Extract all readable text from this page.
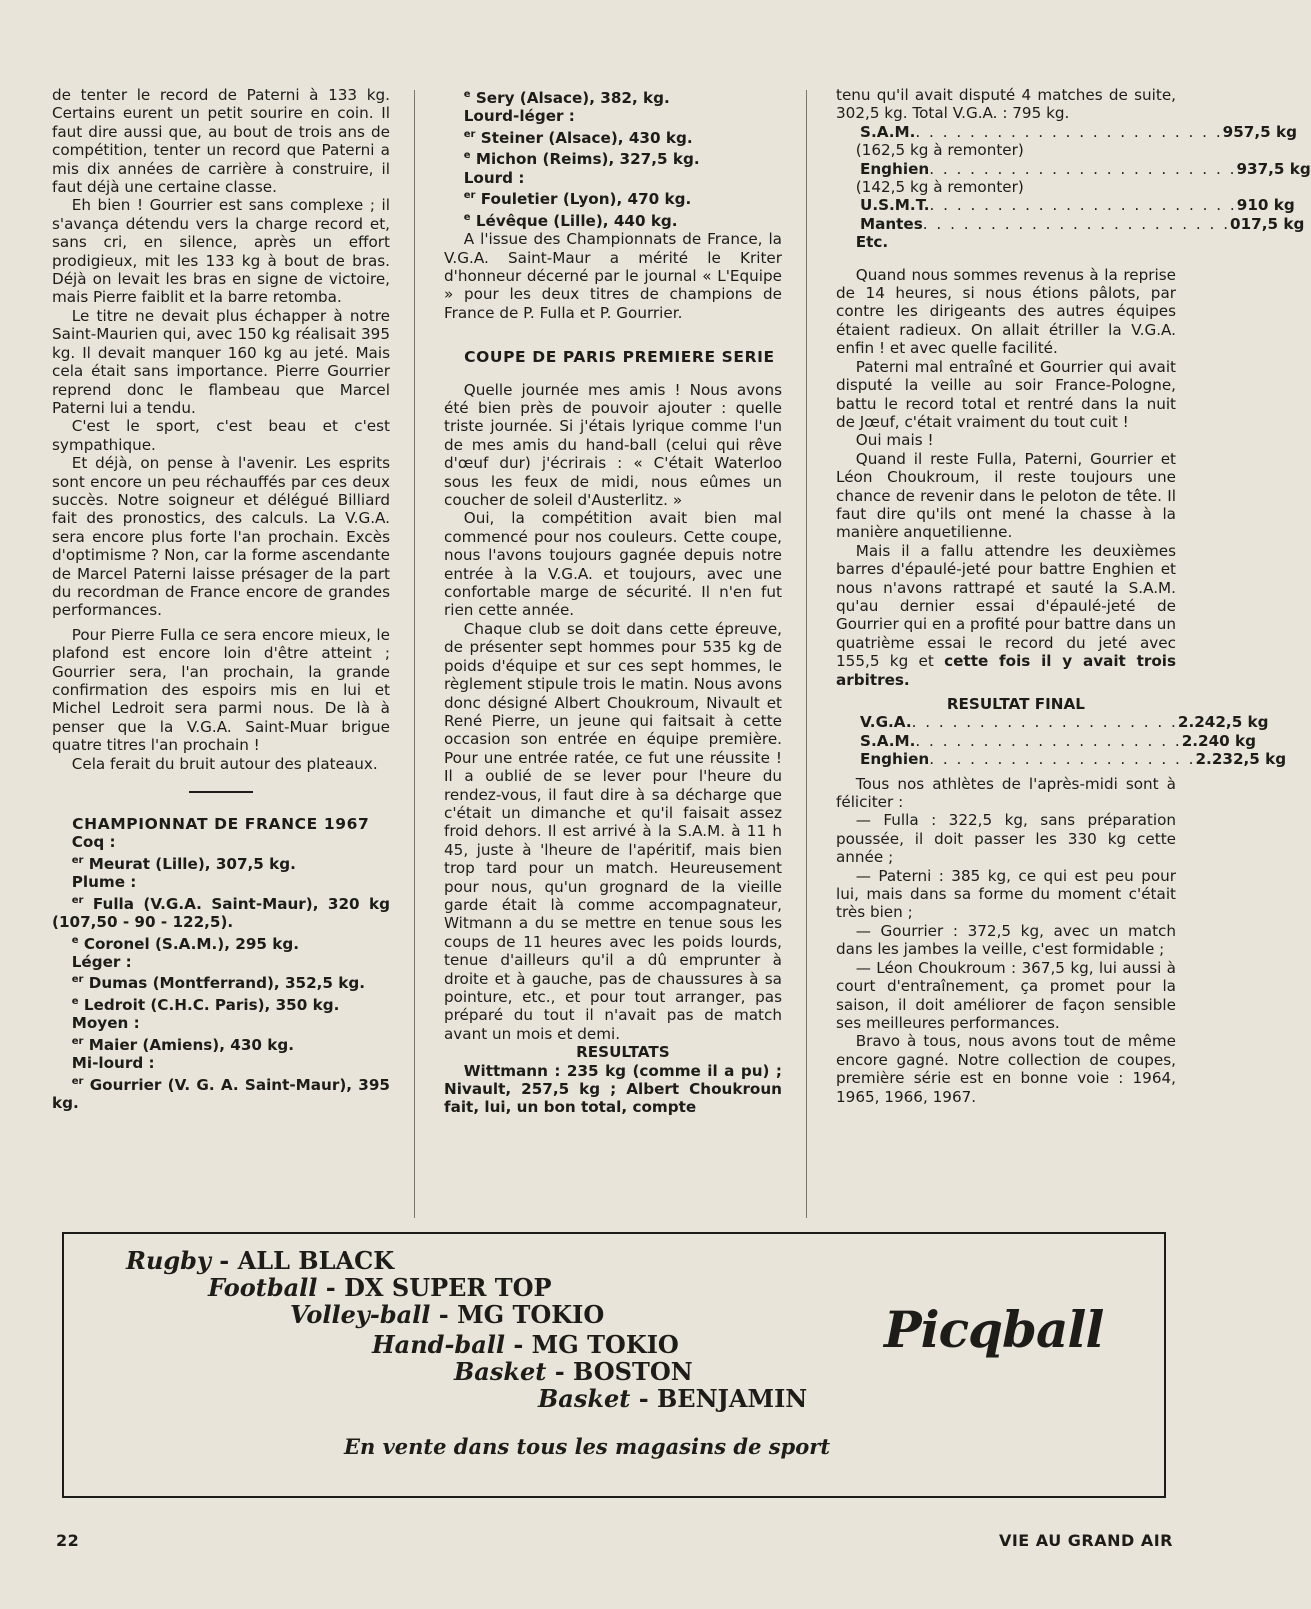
de tenter le record de Paterni à 133 kg. Certains eurent un petit sourire en coin. Il faut dire aussi que, au bout de trois ans de compétition, tenter un record que Paterni a mis dix années de carrière à construire, il faut déjà une certaine classe.

Eh bien ! Gourrier est sans complexe ; il s'avança détendu vers la charge record et, sans cri, en silence, après un effort prodigieux, mit les 133 kg à bout de bras. Déjà on levait les bras en signe de victoire, mais Pierre faiblit et la barre retomba.

Le titre ne devait plus échapper à notre Saint-Maurien qui, avec 150 kg réalisait 395 kg. Il devait manquer 160 kg au jeté. Mais cela était sans importance. Pierre Gourrier reprend donc le flambeau que Marcel Paterni lui a tendu.

C'est le sport, c'est beau et c'est sympathique.

Et déjà, on pense à l'avenir. Les esprits sont encore un peu réchauffés par ces deux succès. Notre soigneur et délégué Billiard fait des pronostics, des calculs. La V.G.A. sera encore plus forte l'an prochain. Excès d'optimisme ? Non, car la forme ascendante de Marcel Paterni laisse présager de la part du recordman de France encore de grandes performances.

Pour Pierre Fulla ce sera encore mieux, le plafond est encore loin d'être atteint ; Gourrier sera, l'an prochain, la grande confirmation des espoirs mis en lui et Michel Ledroit sera parmi nous. De là à penser que la V.G.A. Saint-Muar brigue quatre titres l'an prochain !

Cela ferait du bruit autour des plateaux.

CHAMPIONNAT DE FRANCE 1967

Coq :

$^{er}$ Meurat (Lille), 307,5 kg.

Plume :

$^{er}$ Fulla (V.G.A. Saint-Maur), 320 kg (107,50 - 90 - 122,5).

$^e$ Coronel (S.A.M.), 295 kg.

Léger :

$^{er}$ Dumas (Montferrand), 352,5 kg.

$^e$ Ledroit (C.H.C. Paris), 350 kg.

Moyen :

$^{er}$ Maier (Amiens), 430 kg.

Mi-lourd :

$^{er}$ Gourrier (V. G. A. Saint-Maur), 395 kg.

$^e$ Sery (Alsace), 382, kg.

Lourd-léger :

$^{er}$ Steiner (Alsace), 430 kg.

$^e$ Michon (Reims), 327,5 kg.

Lourd :

$^{er}$ Fouletier (Lyon), 470 kg.

$^e$ Lévêque (Lille), 440 kg.

A l'issue des Championnats de France, la V.G.A. Saint-Maur a mérité le Kriter d'honneur décerné par le journal « L'Equipe » pour les deux titres de champions de France de P. Fulla et P. Gourrier.

COUPE DE PARIS PREMIERE SERIE

Quelle journée mes amis ! Nous avons été bien près de pouvoir ajouter : quelle triste journée. Si j'étais lyrique comme l'un de mes amis du hand-ball (celui qui rêve d'œuf dur) j'écrirais : « C'était Waterloo sous les feux de midi, nous eûmes un coucher de soleil d'Austerlitz. »

Oui, la compétition avait bien mal commencé pour nos couleurs. Cette coupe, nous l'avons toujours gagnée depuis notre entrée à la V.G.A. et toujours, avec une confortable marge de sécurité. Il n'en fut rien cette année.

Chaque club se doit dans cette épreuve, de présenter sept hommes pour 535 kg de poids d'équipe et sur ces sept hommes, le règlement stipule trois le matin. Nous avons donc désigné Albert Choukroum, Nivault et René Pierre, un jeune qui faitsait à cette occasion son entrée en équipe première. Pour une entrée ratée, ce fut une réussite ! Il a oublié de se lever pour l'heure du rendez-vous, il faut dire à sa décharge que c'était un dimanche et qu'il faisait assez froid dehors. Il est arrivé à la S.A.M. à 11 h 45, juste à 'lheure de l'apéritif, mais bien trop tard pour un match. Heureusement pour nous, qu'un grognard de la vieille garde était là comme accompagnateur, Witmann a du se mettre en tenue sous les coups de 11 heures avec les poids lourds, tenue d'ailleurs qu'il a dû emprunter à droite et à gauche, pas de chaussures à sa pointure, etc., et pour tout arranger, pas préparé du tout il n'avait pas de match avant un mois et demi.

RESULTATS

Wittmann : 235 kg (comme il a pu) ; Nivault, 257,5 kg ; Albert Choukroun fait, lui, un bon total, compte

tenu qu'il avait disputé 4 matches de suite, 302,5 kg. Total V.G.A. : 795 kg.

S.A.M. . . . . . . . . . . . . . . . . . . . . . . . 957,5 kg

(162,5 kg à remonter)

Enghien . . . . . . . . . . . . . . . . . . . . . . . 937,5 kg

(142,5 kg à remonter)

U.S.M.T. . . . . . . . . . . . . . . . . . . . . . . . 910 kg
Mantes . . . . . . . . . . . . . . . . . . . . . . . 017,5 kg

Etc.

Quand nous sommes revenus à la reprise de 14 heures, si nous étions pâlots, par contre les dirigeants des autres équipes étaient radieux. On allait étriller la V.G.A. enfin ! et avec quelle facilité.

Paterni mal entraîné et Gourrier qui avait disputé la veille au soir France-Pologne, battu le record total et rentré dans la nuit de Jœuf, c'était vraiment du tout cuit !

Oui mais !

Quand il reste Fulla, Paterni, Gourrier et Léon Choukroum, il reste toujours une chance de revenir dans le peloton de tête. Il faut dire qu'ils ont mené la chasse à la manière anquetilienne.

Mais il a fallu attendre les deuxièmes barres d'épaulé-jeté pour battre Enghien et nous n'avons rattrapé et sauté la S.A.M. qu'au dernier essai d'épaulé-jeté de Gourrier qui en a profité pour battre dans un quatrième essai le record du jeté avec 155,5 kg et cette fois il y avait trois arbitres.

RESULTAT FINAL

V.G.A. . . . . . . . . . . . . . . . . . . . . 2.242,5 kg
S.A.M. . . . . . . . . . . . . . . . . . . . . 2.240 kg
Enghien . . . . . . . . . . . . . . . . . . . . 2.232,5 kg

Tous nos athlètes de l'après-midi sont à féliciter :

— Fulla : 322,5 kg, sans préparation poussée, il doit passer les 330 kg cette année ;

— Paterni : 385 kg, ce qui est peu pour lui, mais dans sa forme du moment c'était très bien ;

— Gourrier : 372,5 kg, avec un match dans les jambes la veille, c'est formidable ;

— Léon Choukroum : 367,5 kg, lui aussi à court d'entraînement, ça promet pour la saison, il doit améliorer de façon sensible ses meilleures performances.

Bravo à tous, nous avons tout de même encore gagné. Notre collection de coupes, première série est en bonne voie : 1964, 1965, 1966, 1967.

Rugby - ALL BLACK
Football - DX SUPER TOP
Volley-ball - MG TOKIO
Hand-ball - MG TOKIO
Basket - BOSTON
Basket - BENJAMIN
Picqball
En vente dans tous les magasins de sport
22	VIE AU GRAND AIR
